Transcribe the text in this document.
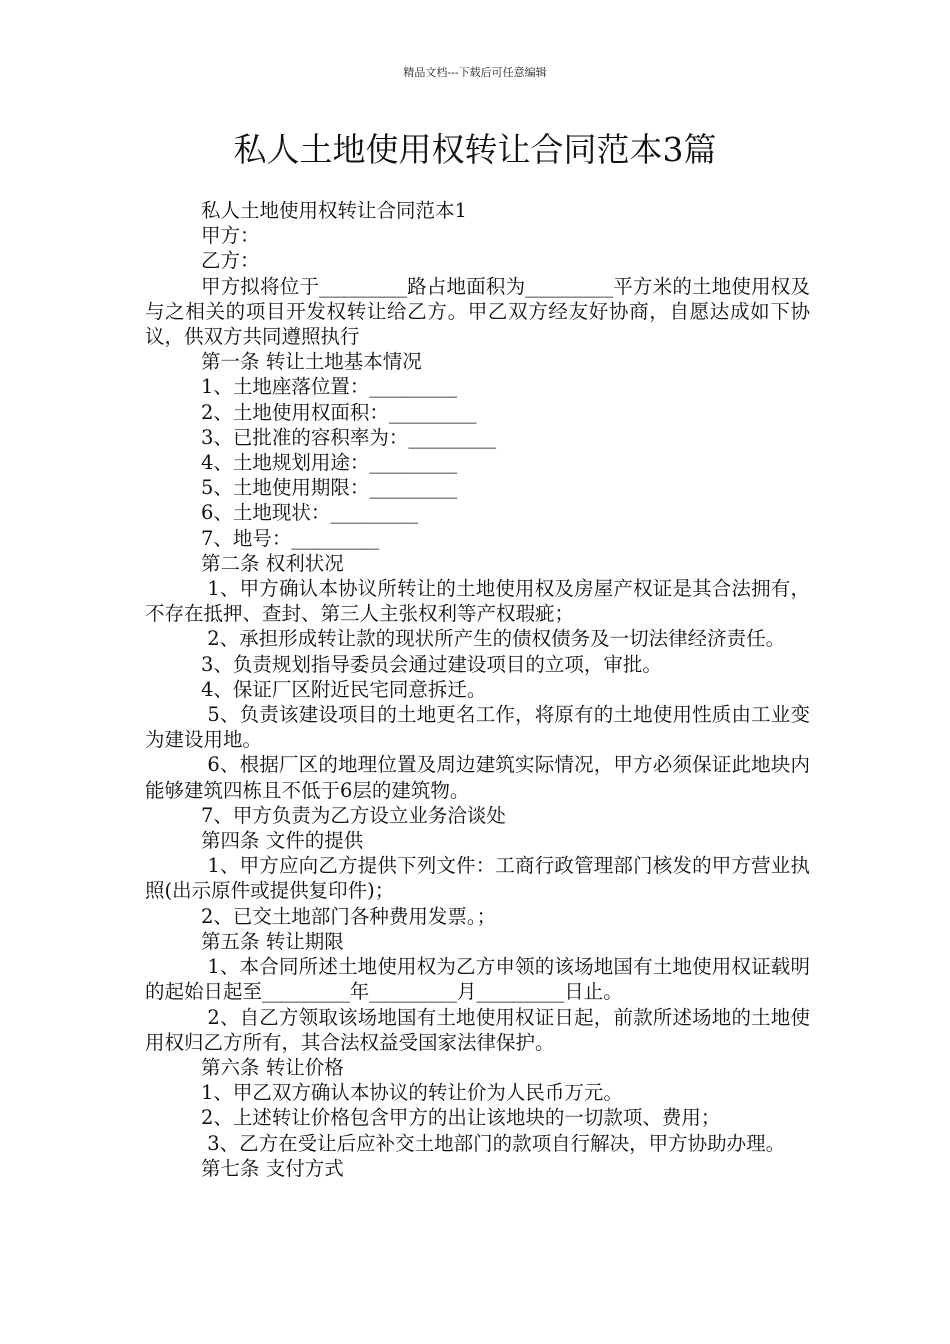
精品文档---下载后可任意编辑
私人土地使用权转让合同范本3篇

私人土地使用权转让合同范本1

甲方：

乙方：

甲方拟将位于_________路占地面积为_________平方米的土地使用权及与之相关的项目开发权转让给乙方。甲乙双方经友好协商，自愿达成如下协议，供双方共同遵照执行

第一条 转让土地基本情况

1、土地座落位置：_________

2、土地使用权面积：_________

3、已批准的容积率为：_________

4、土地规划用途：_________

5、土地使用期限：_________

6、土地现状：_________

7、地号：_________

第二条 权利状况

1、甲方确认本协议所转让的土地使用权及房屋产权证是其合法拥有，不存在抵押、查封、第三人主张权利等产权瑕疵；

2、承担形成转让款的现状所产生的债权债务及一切法律经济责任。

3、负责规划指导委员会通过建设项目的立项，审批。

4、保证厂区附近民宅同意拆迁。

5、负责该建设项目的土地更名工作，将原有的土地使用性质由工业变为建设用地。

6、根据厂区的地理位置及周边建筑实际情况，甲方必须保证此地块内能够建筑四栋且不低于6层的建筑物。

7、甲方负责为乙方设立业务洽谈处

第四条 文件的提供

1、甲方应向乙方提供下列文件：工商行政管理部门核发的甲方营业执照(出示原件或提供复印件)；

2、已交土地部门各种费用发票。；

第五条 转让期限

1、本合同所述土地使用权为乙方申领的该场地国有土地使用权证载明的起始日起至_________年_________月_________日止。

2、自乙方领取该场地国有土地使用权证日起，前款所述场地的土地使用权归乙方所有，其合法权益受国家法律保护。

第六条 转让价格

1、甲乙双方确认本协议的转让价为人民币万元。

2、上述转让价格包含甲方的出让该地块的一切款项、费用；

3、乙方在受让后应补交土地部门的款项自行解决，甲方协助办理。

第七条 支付方式
